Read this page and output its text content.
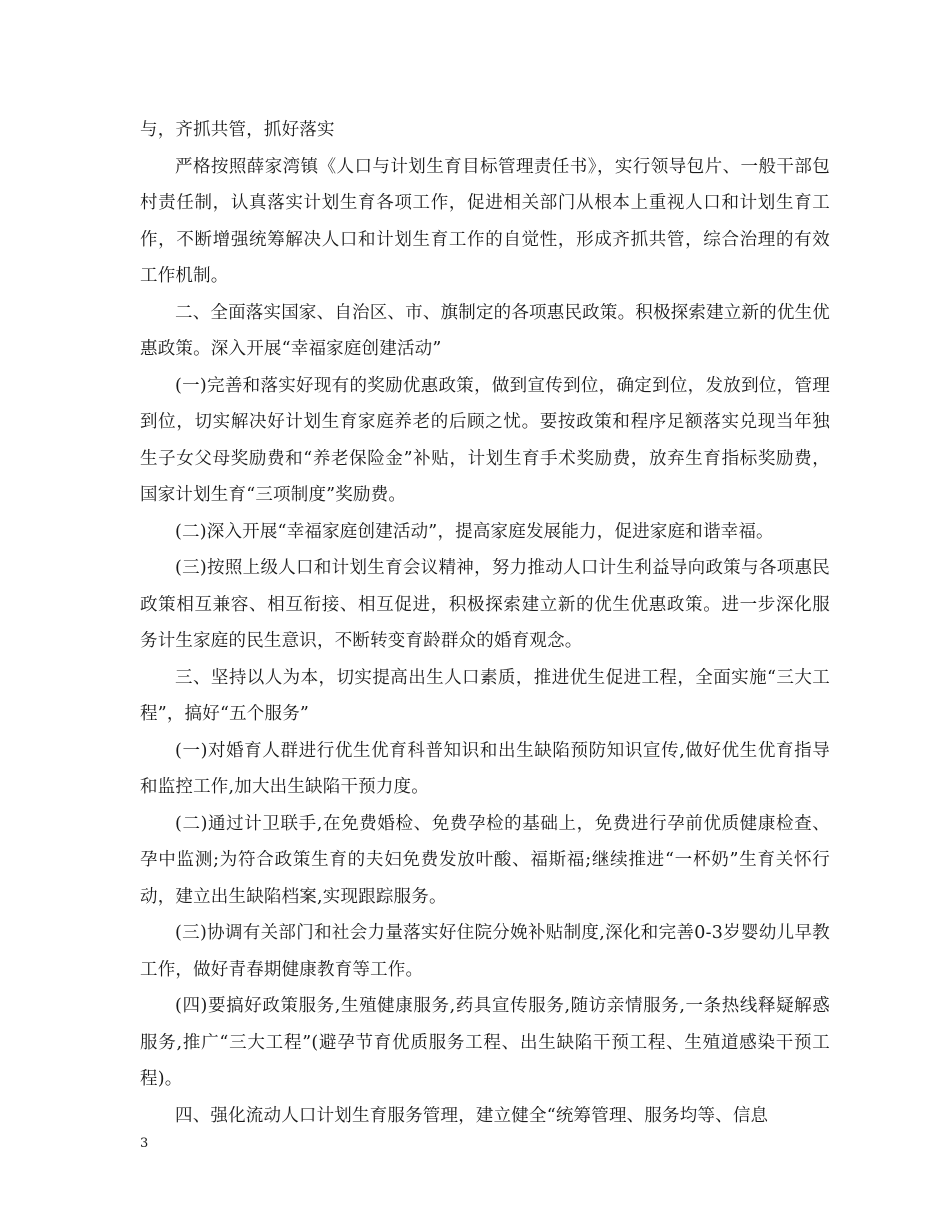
与，齐抓共管，抓好落实

严格按照薛家湾镇《人口与计划生育目标管理责任书》，实行领导包片、一般干部包村责任制，认真落实计划生育各项工作，促进相关部门从根本上重视人口和计划生育工作，不断增强统筹解决人口和计划生育工作的自觉性，形成齐抓共管，综合治理的有效工作机制。

二、全面落实国家、自治区、市、旗制定的各项惠民政策。积极探索建立新的优生优惠政策。深入开展“幸福家庭创建活动”

(一)完善和落实好现有的奖励优惠政策，做到宣传到位，确定到位，发放到位，管理到位，切实解决好计划生育家庭养老的后顾之忧。要按政策和程序足额落实兑现当年独生子女父母奖励费和“养老保险金”补贴，计划生育手术奖励费，放弃生育指标奖励费，国家计划生育“三项制度”奖励费。

(二)深入开展“幸福家庭创建活动”，提高家庭发展能力，促进家庭和谐幸福。

(三)按照上级人口和计划生育会议精神，努力推动人口计生利益导向政策与各项惠民政策相互兼容、相互衔接、相互促进，积极探索建立新的优生优惠政策。进一步深化服务计生家庭的民生意识，不断转变育龄群众的婚育观念。

三、坚持以人为本，切实提高出生人口素质，推进优生促进工程，全面实施“三大工程”，搞好“五个服务”

(一)对婚育人群进行优生优育科普知识和出生缺陷预防知识宣传,做好优生优育指导和监控工作,加大出生缺陷干预力度。

(二)通过计卫联手,在免费婚检、免费孕检的基础上，免费进行孕前优质健康检查、孕中监测;为符合政策生育的夫妇免费发放叶酸、福斯福;继续推进“一杯奶”生育关怀行动，建立出生缺陷档案,实现跟踪服务。

(三)协调有关部门和社会力量落实好住院分娩补贴制度,深化和完善0-3岁婴幼儿早教工作，做好青春期健康教育等工作。

(四)要搞好政策服务,生殖健康服务,药具宣传服务,随访亲情服务,一条热线释疑解惑服务,推广“三大工程”(避孕节育优质服务工程、出生缺陷干预工程、生殖道感染干预工程)。

四、强化流动人口计划生育服务管理，建立健全“统筹管理、服务均等、信息

3
